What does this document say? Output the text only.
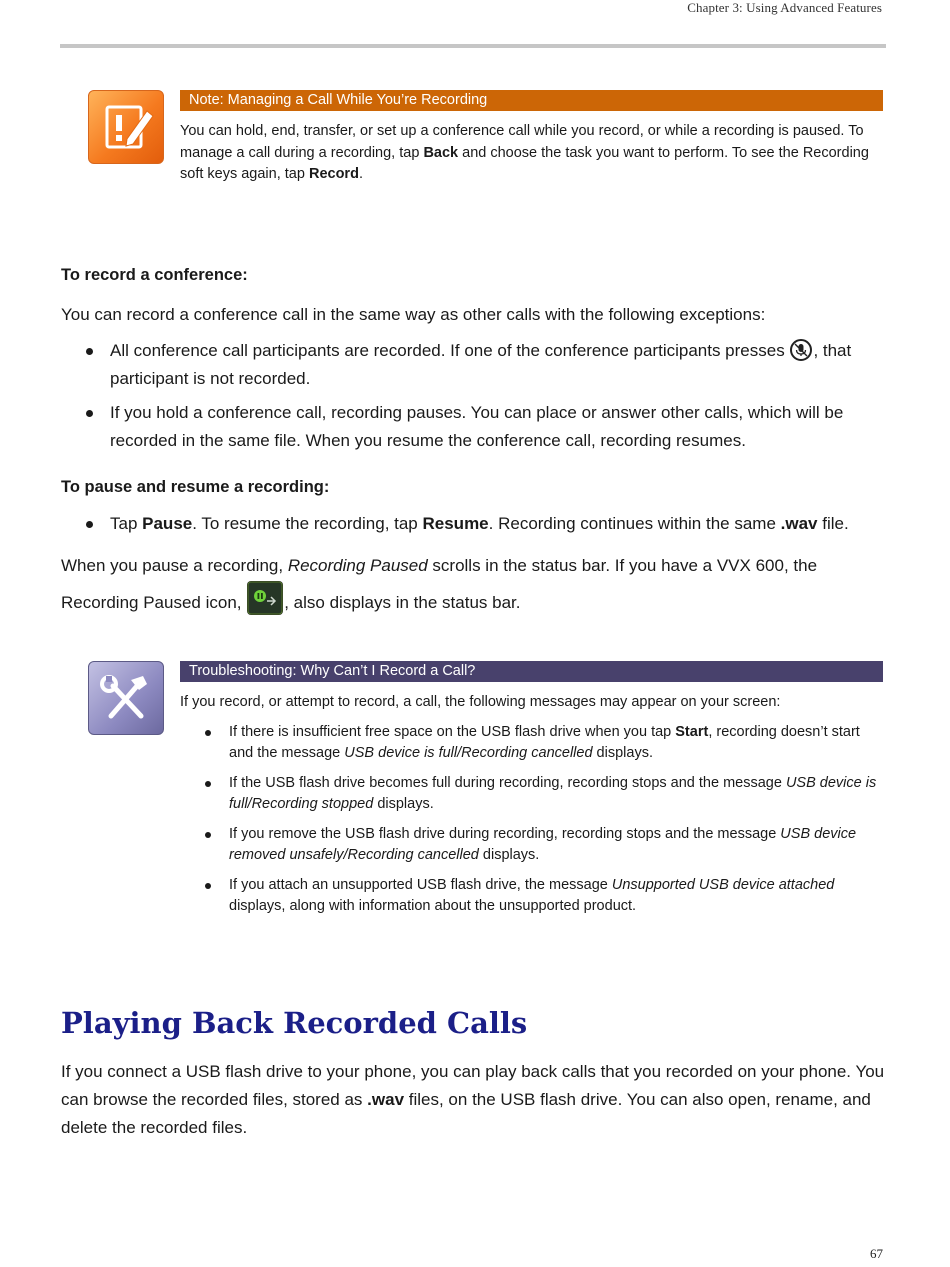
Chapter 3: Using Advanced Features
Note: Managing a Call While You’re Recording

You can hold, end, transfer, or set up a conference call while you record, or while a recording is paused. To manage a call during a recording, tap Back and choose the task you want to perform. To see the Recording soft keys again, tap Record.

To record a conference:

You can record a conference call in the same way as other calls with the following exceptions:

All conference call participants are recorded. If one of the conference participants presses
, that participant is not recorded.
If you hold a conference call, recording pauses. You can place or answer other calls, which will be recorded in the same file. When you resume the conference call, recording resumes.

To pause and resume a recording:

Tap Pause. To resume the recording, tap Resume. Recording continues within the same .wav file.

When you pause a recording, Recording Paused scrolls in the status bar. If you have a VVX 600, the Recording Paused icon, , also displays in the status bar.

Troubleshooting: Why Can’t I Record a Call?

If you record, or attempt to record, a call, the following messages may appear on your screen:

If there is insufficient free space on the USB flash drive when you tap Start, recording doesn’t start and the message USB device is full/Recording cancelled displays.
If the USB flash drive becomes full during recording, recording stops and the message USB device is full/Recording stopped displays.
If you remove the USB flash drive during recording, recording stops and the message USB device removed unsafely/Recording cancelled displays.
If you attach an unsupported USB flash drive, the message Unsupported USB device attached displays, along with information about the unsupported product.
Playing Back Recorded Calls

If you connect a USB flash drive to your phone, you can play back calls that you recorded on your phone. You can browse the recorded files, stored as .wav files, on the USB flash drive. You can also open, rename, and delete the recorded files.

67
